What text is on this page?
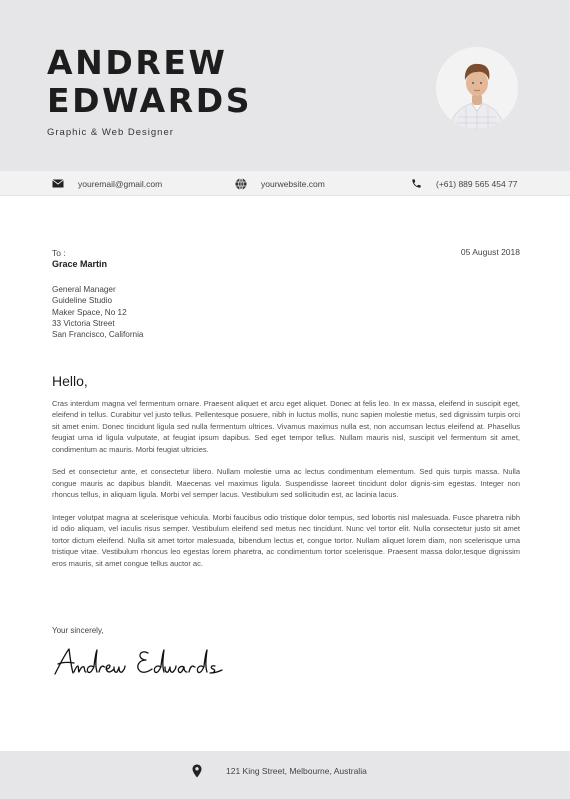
ANDREW
EDWARDS
Graphic & Web Designer
youremail@gmail.com	yourwebsite.com	(+61) 889 565 454 77
To :	05 August 2018
Grace Martin
General Manager
Guideline Studio
Maker Space, No 12
33 Victoria Street
San Francisco, California
Hello,

Cras interdum magna vel fermentum ornare. Praesent aliquet et arcu eget aliquet. Donec at felis leo. In ex massa, eleifend in suscipit eget, eleifend in tellus. Curabitur vel justo tellus. Pellentesque posuere, nibh in luctus mollis, nunc sapien molestie metus, sed dignissim turpis orci sit amet enim. Donec tincidunt ligula sed nulla fermentum ultrices. Vivamus maximus nulla est, non accumsan lectus eleifend at. Phasellus feugiat urna id ligula vulputate, at feugiat ipsum dapibus. Sed eget tempor tellus. Nullam mauris nisl, suscipit vel fermentum sit amet, condimentum ac mauris. Morbi feugiat ultricies.

Sed et consectetur ante, et consectetur libero. Nullam molestie urna ac lectus condimentum elementum. Sed quis turpis massa. Nulla congue mauris ac dapibus blandit. Maecenas vel maximus ligula. Suspendisse laoreet tincidunt dolor dignis-sim egestas. Integer non rhoncus tellus, in aliquam ligula. Morbi vel semper lacus. Vestibulum sed sollicitudin est, ac lacinia lacus.

Integer volutpat magna at scelerisque vehicula. Morbi faucibus odio tristique dolor tempus, sed lobortis nisl malesuada. Fusce pharetra nibh id odio aliquam, vel iaculis risus semper. Vestibulum eleifend sed metus nec tincidunt. Nunc vel tortor elit. Nulla consectetur justo sit amet tortor dictum eleifend. Nulla sit amet tortor malesuada, bibendum lectus et, congue tortor. Nullam aliquet lorem diam, non scelerisque urna tristique vitae. Vestibulum rhoncus leo egestas lorem pharetra, ac condimentum tortor scelerisque. Praesent massa dolor,tesque dignissim eros mauris, sit amet congue tellus auctor ac.

Your sincerely,
121 King Street, Melbourne, Australia
